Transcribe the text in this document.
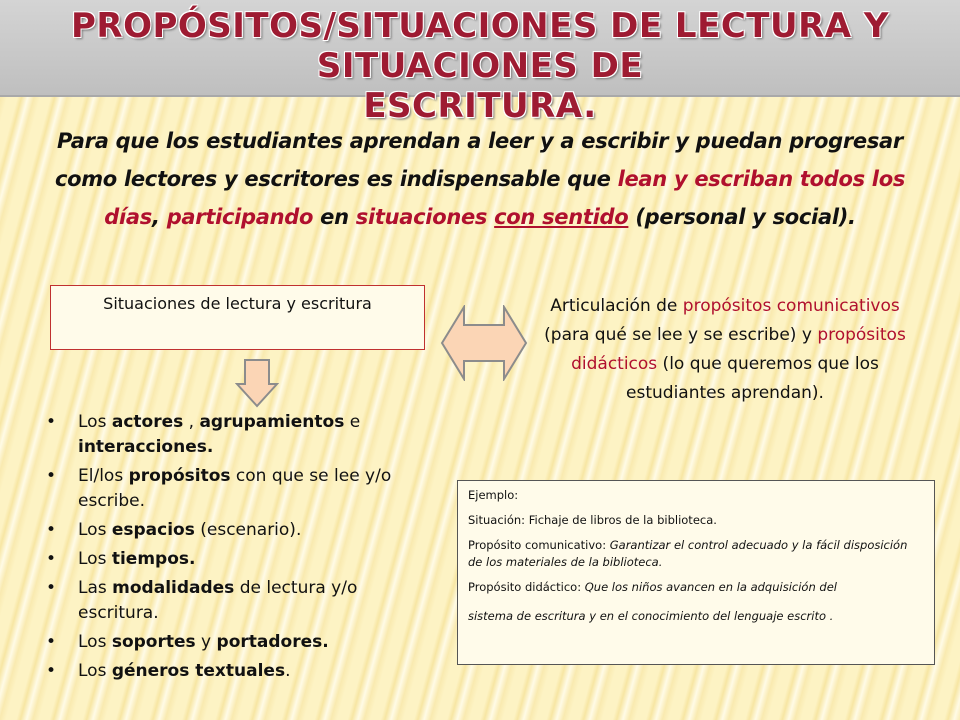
PROPÓSITOS/SITUACIONES DE LECTURA Y SITUACIONES DE
ESCRITURA.
Para que los estudiantes aprendan a leer y a escribir y puedan progresar como lectores y escritores es indispensable que lean y escriban todos los días, participando en situaciones con sentido (personal y social).
Situaciones de lectura y escritura	Articulación de propósitos comunicativos (para qué se lee y se escribe) y propósitos didácticos (lo que queremos que los estudiantes aprendan).
• Los actores , agrupamientos e interacciones.
• El/los propósitos con que se lee y/o escribe.
• Los espacios (escenario).
• Los tiempos.
• Las modalidades de lectura y/o escritura.
• Los soportes y portadores.
• Los géneros textuales.

Ejemplo:

Situación: Fichaje de libros de la biblioteca.

Propósito comunicativo: Garantizar el control adecuado y la fácil disposición de los materiales de la biblioteca.

Propósito didáctico: Que los niños avancen en la adquisición del

sistema de escritura y en el conocimiento del lenguaje escrito .
